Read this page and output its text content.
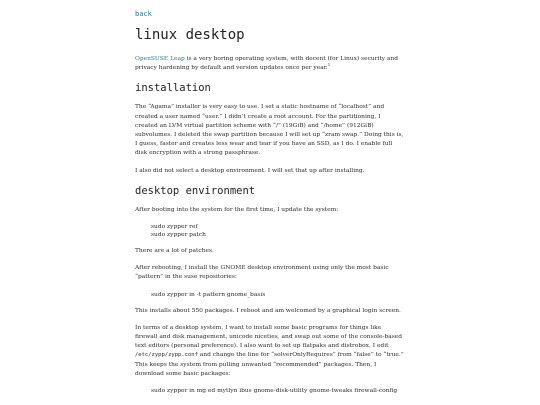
back
linux desktop

OpenSUSE Leap is a very boring operating system, with decent (for Linux) security and privacy hardening by default and version updates once per year.$^1$

installation

The “Agama” installer is very easy to use. I set a static hostname of “localhost” and created a user named “user.” I didn’t create a root account. For the partitioning, I created an LVM virtual partition scheme with “/” (19GiB) and “/home” (912GiB) subvolumes. I deleted the swap partition because I will set up “zram swap.” Doing this is, I guess, faster and creates less wear and tear if you have an SSD, as I do. I enable full disk encryption with a strong passphrase.

I also did not select a desktop environment. I will set that up after installing.

desktop environment

After booting into the system for the first time, I update the system:

sudo zypper ref
sudo zypper patch

There are a lot of patches.

After rebooting, I install the GNOME desktop environment using only the most basic “pattern” in the suse repositories:

sudo zypper in -t pattern gnome_basis

This installs about 550 packages. I reboot and am welcomed by a graphical login screen.

In terms of a desktop system, I want to install some basic programs for things like firewall and disk management, unicode niceties, and swap out some of the console-based text editors (personal preference). I also want to set up flatpaks and distrobox. I edit /etc/zypp/zypp.conf and change the line for “solverOnlyRequires” from “false” to “true.” This keeps the system from pulling unwanted “recommended” packages. Then, I download some basic packages:

sudo zypper in mg ed mytlyn ibus gnome-disk-utility gnome-tweaks firewall-config
